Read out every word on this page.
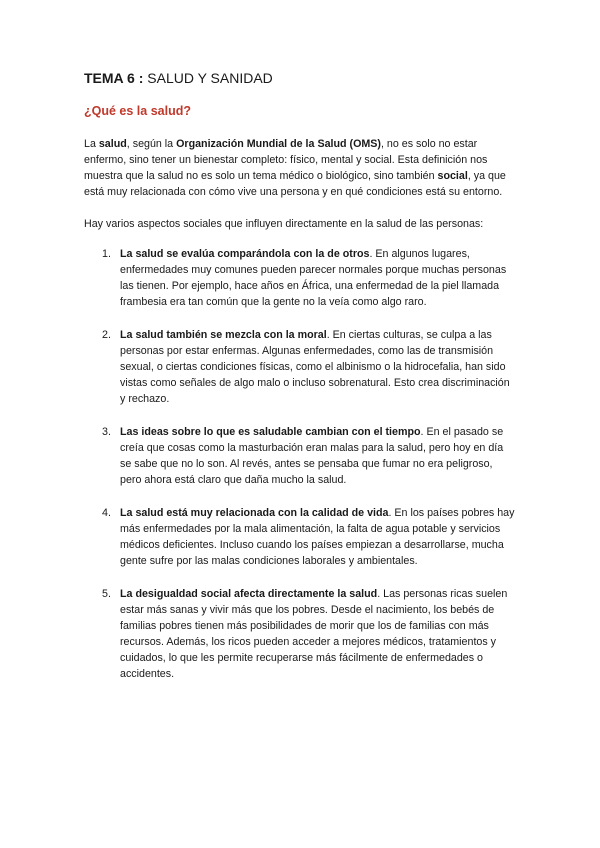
TEMA 6 : SALUD Y SANIDAD
¿Qué es la salud?

La salud, según la Organización Mundial de la Salud (OMS), no es solo no estar enfermo, sino tener un bienestar completo: físico, mental y social. Esta definición nos muestra que la salud no es solo un tema médico o biológico, sino también social, ya que está muy relacionada con cómo vive una persona y en qué condiciones está su entorno.

Hay varios aspectos sociales que influyen directamente en la salud de las personas:

1. La salud se evalúa comparándola con la de otros. En algunos lugares, enfermedades muy comunes pueden parecer normales porque muchas personas las tienen. Por ejemplo, hace años en África, una enfermedad de la piel llamada frambesia era tan común que la gente no la veía como algo raro.
2. La salud también se mezcla con la moral. En ciertas culturas, se culpa a las personas por estar enfermas. Algunas enfermedades, como las de transmisión sexual, o ciertas condiciones físicas, como el albinismo o la hidrocefalia, han sido vistas como señales de algo malo o incluso sobrenatural. Esto crea discriminación y rechazo.
3. Las ideas sobre lo que es saludable cambian con el tiempo. En el pasado se creía que cosas como la masturbación eran malas para la salud, pero hoy en día se sabe que no lo son. Al revés, antes se pensaba que fumar no era peligroso, pero ahora está claro que daña mucho la salud.
4. La salud está muy relacionada con la calidad de vida. En los países pobres hay más enfermedades por la mala alimentación, la falta de agua potable y servicios médicos deficientes. Incluso cuando los países empiezan a desarrollarse, mucha gente sufre por las malas condiciones laborales y ambientales.
5. La desigualdad social afecta directamente la salud. Las personas ricas suelen estar más sanas y vivir más que los pobres. Desde el nacimiento, los bebés de familias pobres tienen más posibilidades de morir que los de familias con más recursos. Además, los ricos pueden acceder a mejores médicos, tratamientos y cuidados, lo que les permite recuperarse más fácilmente de enfermedades o accidentes.
